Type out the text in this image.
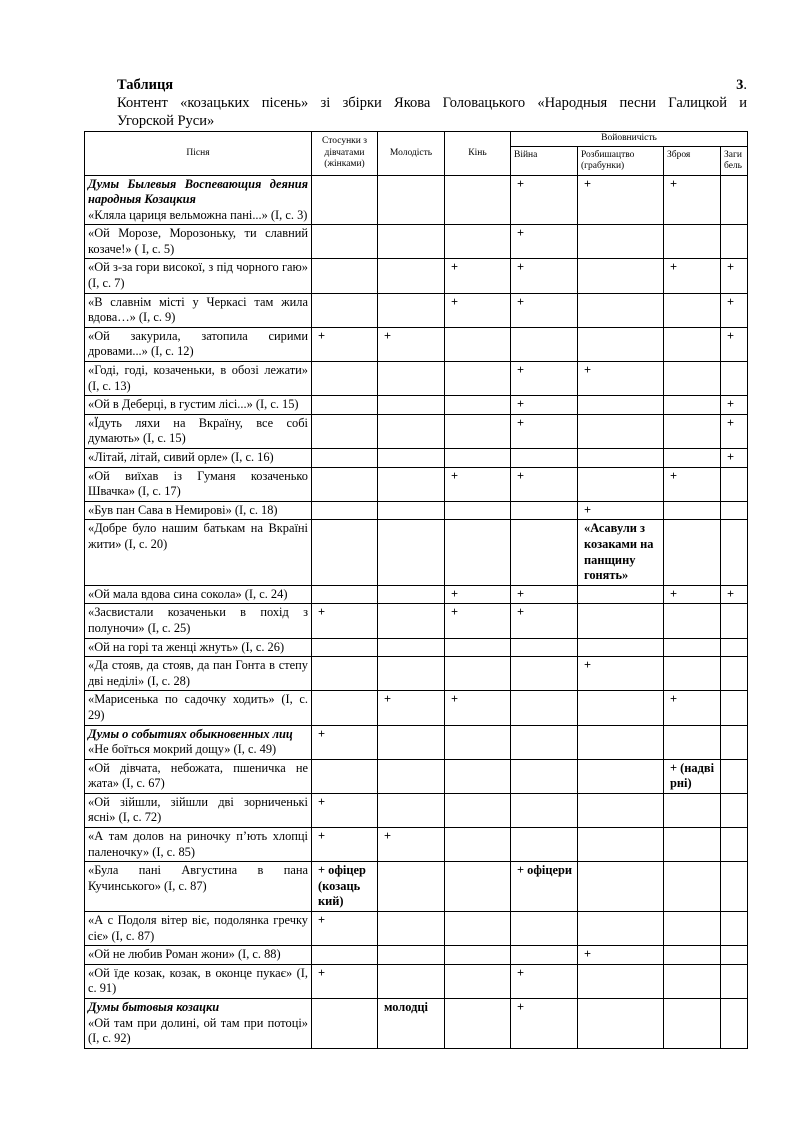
Таблиця 3.
Контент «козацьких пісень» зі збірки Якова Головацького «Народныя песни Галицкой и
Угорской Руси»
Пісня	Стосунки з дівчатами (жінками)	Молодість	Кінь	Войовничість			
				Війна	Розбишацтво (грабунки)	Зброя	Загибель

Думы Былевыя Воспевающия деяния народныя Козацкия
«Кляла цариця вельможна пані...» (І, с. 3)				+	+	+	
«Ой Морозе, Морозоньку, ти славний козаче!» ( І, с. 5)				+			
«Ой з-за гори високої, з під чорного гаю» (І, с. 7)			+	+		+	+
«В славнім місті у Черкасі там жила вдова…» (І, с. 9)			+	+			+
«Ой закурила, затопила сирими дровами...» (І, с. 12)	+	+					+
«Годі, годі, козаченьки, в обозі лежати» (І, с. 13)				+	+		
«Ой в Деберці, в густим лісі...» (І, с. 15)				+			+
«Їдуть ляхи на Вкраїну, все собі думають» (І, с. 15)				+			+
«Літай, літай, сивий орле» (І, с. 16)							+
«Ой виїхав із Гуманя козаченько Швачка» (І, с. 17)			+	+		+	
«Був пан Сава в Немирові» (І, с. 18)					+		
«Добре було нашим батькам на Вкраїні жити» (І, с. 20)					«Асавули з козаками на панщину гонять»		
«Ой мала вдова сина сокола» (І, с. 24)			+	+		+	+
«Засвистали козаченьки в похід з полуночи» (І, с. 25)	+		+	+			
«Ой на горі та женці жнуть» (І, с. 26)							
«Да стояв, да стояв, да пан Гонта в степу дві неділі» (І, с. 28)					+		
«Марисенька по садочку ходить» (І, с. 29)		+	+			+	

Думы о событиях обыкновенных лиц
«Не боїться мокрий дощу» (І, с. 49)	+						
«Ой дівчата, небожата, пшеничка не жата» (І, с. 67)						+ (надві рні)	
«Ой зійшли, зійшли дві зорниченькі ясні» (І, с. 72)	+						
«А там долов на риночку п’ють хлопці паленочку» (І, с. 85)	+	+					
«Була пані Августина в пана Кучинського» (І, с. 87)	+ офіцер (козаць кий)			+ офіцери			
«А с Подоля вітер віє, подолянка гречку сіє» (І, с. 87)	+						
«Ой не любив Роман жони» (І, с. 88)					+		
«Ой їде козак, козак, в оконце пукає» (І, с. 91)	+			+			

Думы бытовыя козацки
«Ой там при долині, ой там при потоці» (І, с. 92)		молодці		+			
